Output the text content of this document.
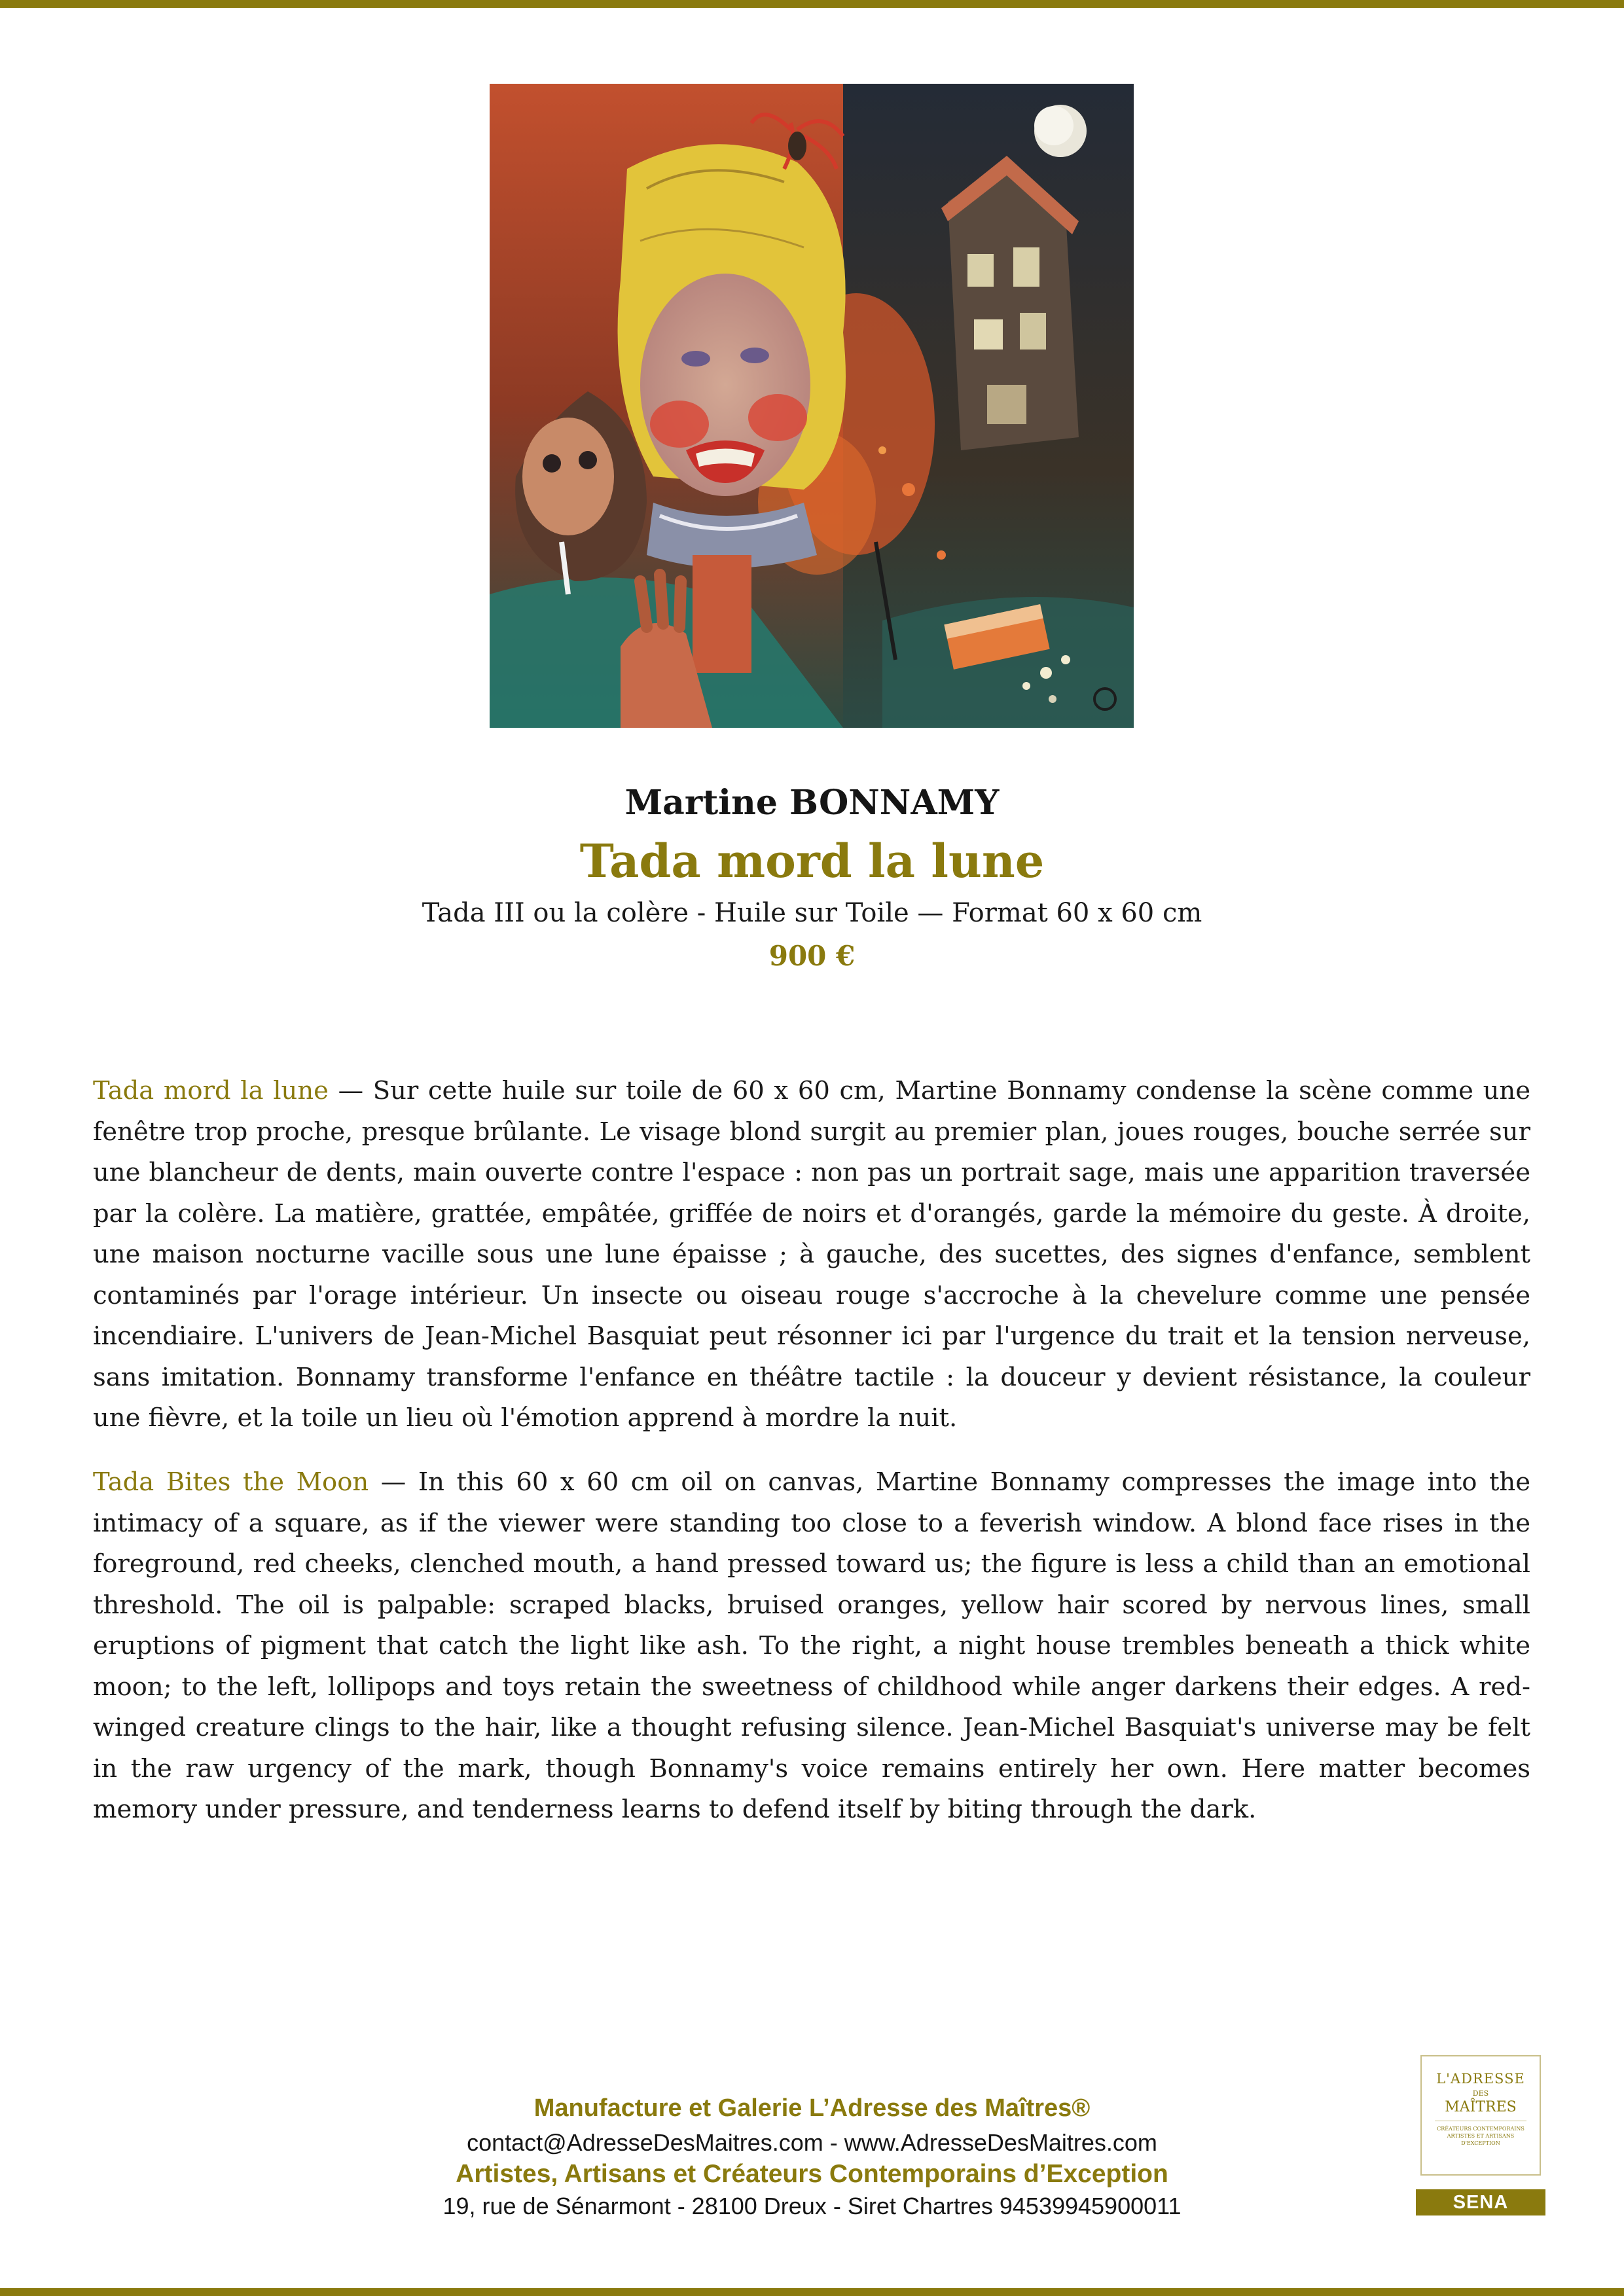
Martine BONNAMY
Tada mord la lune
Tada III ou la colère - Huile sur Toile — Format 60 x 60 cm
900 €

Tada mord la lune — Sur cette huile sur toile de 60 x 60 cm, Martine Bonnamy condense la scène comme une fenêtre trop proche, presque brûlante. Le visage blond surgit au premier plan, joues rouges, bouche serrée sur une blancheur de dents, main ouverte contre l'espace : non pas un portrait sage, mais une apparition traversée par la colère. La matière, grattée, empâtée, griffée de noirs et d'orangés, garde la mémoire du geste. À droite, une maison nocturne vacille sous une lune épaisse ; à gauche, des sucettes, des signes d'enfance, semblent contaminés par l'orage intérieur. Un insecte ou oiseau rouge s'accroche à la chevelure comme une pensée incendiaire. L'univers de Jean-Michel Basquiat peut résonner ici par l'urgence du trait et la tension nerveuse, sans imitation. Bonnamy transforme l'enfance en théâtre tactile : la douceur y devient résistance, la couleur une fièvre, et la toile un lieu où l'émotion apprend à mordre la nuit.

Tada Bites the Moon — In this 60 x 60 cm oil on canvas, Martine Bonnamy compresses the image into the intimacy of a square, as if the viewer were standing too close to a feverish window. A blond face rises in the foreground, red cheeks, clenched mouth, a hand pressed toward us; the figure is less a child than an emotional threshold. The oil is palpable: scraped blacks, bruised oranges, yellow hair scored by nervous lines, small eruptions of pigment that catch the light like ash. To the right, a night house trembles beneath a thick white moon; to the left, lollipops and toys retain the sweetness of childhood while anger darkens their edges. A red-winged creature clings to the hair, like a thought refusing silence. Jean-Michel Basquiat's universe may be felt in the raw urgency of the mark, though Bonnamy's voice remains entirely her own. Here matter becomes memory under pressure, and tenderness learns to defend itself by biting through the dark.

Manufacture et Galerie L’Adresse des Maîtres®
contact@AdresseDesMaitres.com - www.AdresseDesMaitres.com
Artistes, Artisans et Créateurs Contemporains d’Exception
19, rue de Sénarmont - 28100 Dreux - Siret Chartres 94539945900011
L'ADRESSE
DES
MAÎTRES
CRÉATEURS CONTEMPORAINS ARTISTES ET ARTISANS D'EXCEPTION
SENA
